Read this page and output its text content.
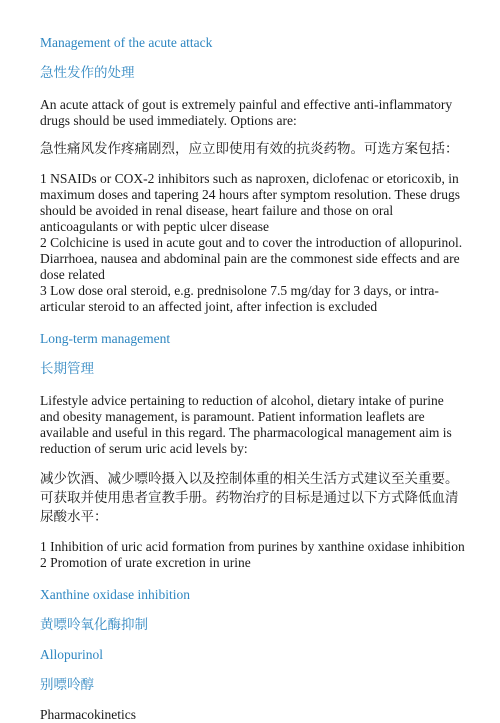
Management of the acute attack

急性发作的处理

An acute attack of gout is extremely painful and effective anti-inflammatory drugs should be used immediately. Options are:

急性痛风发作疼痛剧烈，应立即使用有效的抗炎药物。可选方案包括：

1 NSAIDs or COX-2 inhibitors such as naproxen, diclofenac or etoricoxib, in maximum doses and tapering 24 hours after symptom resolution. These drugs should be avoided in renal disease, heart failure and those on oral anticoagulants or with peptic ulcer disease
2 Colchicine is used in acute gout and to cover the introduction of allopurinol. Diarrhoea, nausea and abdominal pain are the commonest side effects and are dose related
3 Low dose oral steroid, e.g. prednisolone 7.5 mg/day for 3 days, or intra-articular steroid to an affected joint, after infection is excluded

Long-term management

长期管理

Lifestyle advice pertaining to reduction of alcohol, dietary intake of purine and obesity management, is paramount. Patient information leaflets are available and useful in this regard. The pharmacological management aim is reduction of serum uric acid levels by:

减少饮酒、减少嘌呤摄入以及控制体重的相关生活方式建议至关重要。可获取并使用患者宣教手册。药物治疗的目标是通过以下方式降低血清尿酸水平：

1 Inhibition of uric acid formation from purines by xanthine oxidase inhibition
2 Promotion of urate excretion in urine

Xanthine oxidase inhibition

黄嘌呤氧化酶抑制

Allopurinol

别嘌呤醇

Pharmacokinetics
